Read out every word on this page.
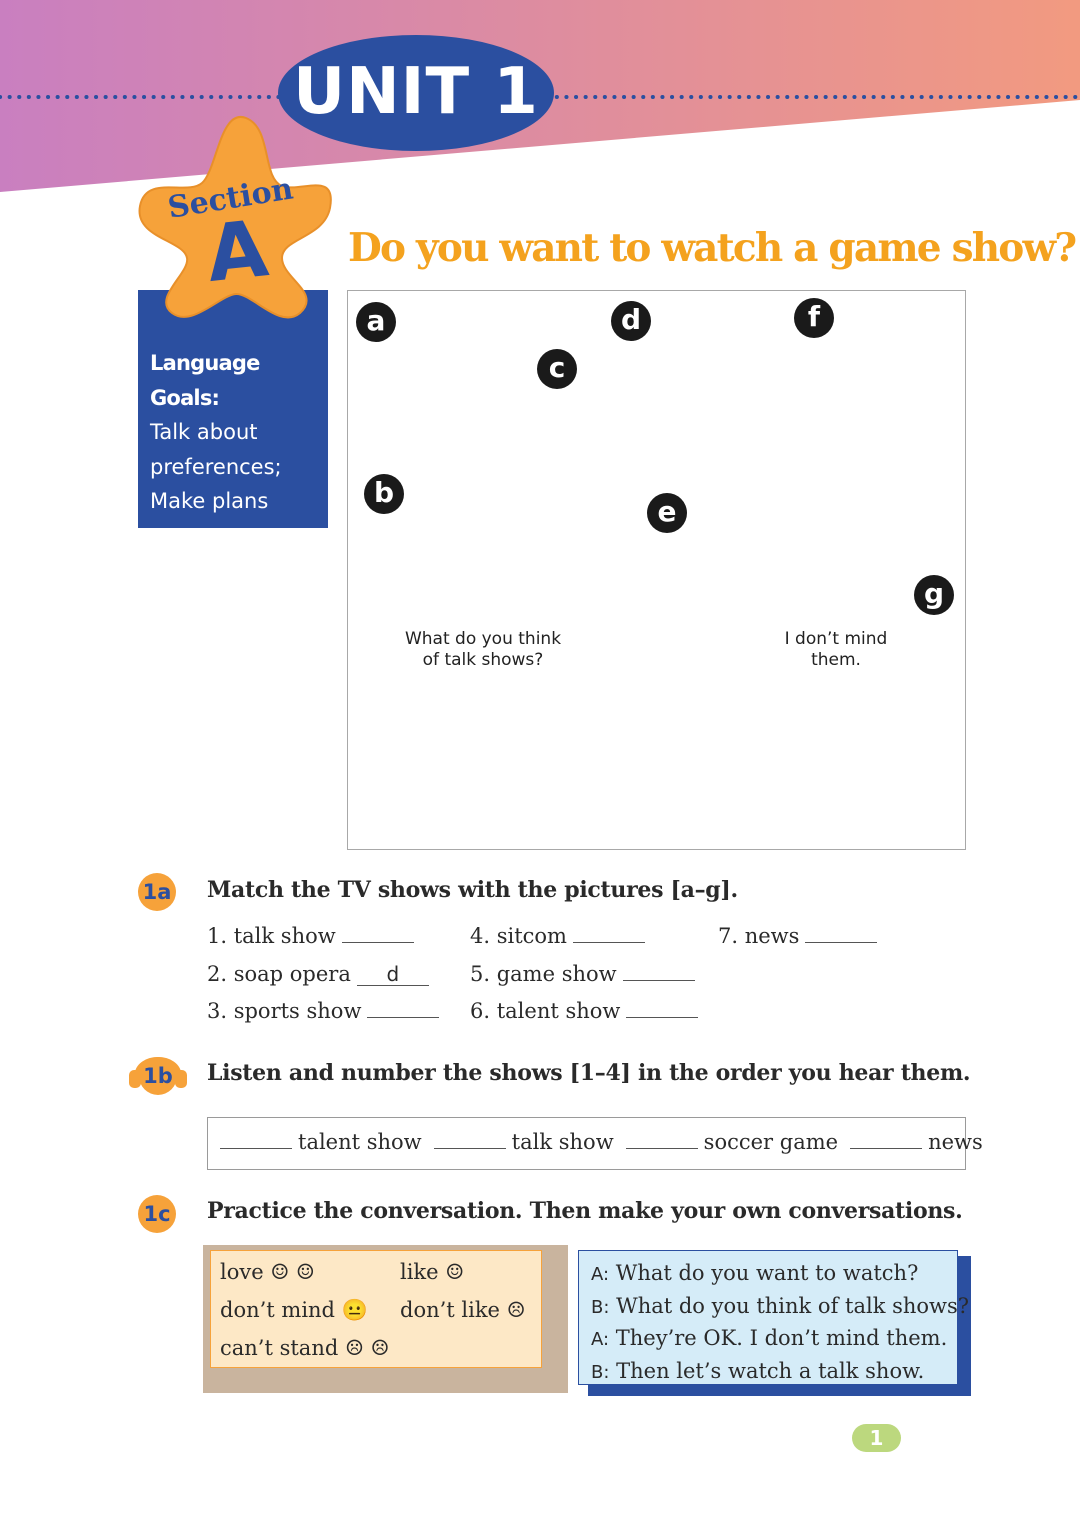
UNIT 1
Section
A
Language Goals:
Talk about
preferences;
Make plans
Do you want to watch a game show?
a
b
c
d
e
f
g
What do you think
of talk shows?
I don’t mind
them.
1a Match the TV shows with the pictures [a–g].
1. talk show
2. soap opera d
3. sports show
4. sitcom
5. game show
6. talent show
7. news
1b Listen and number the shows [1–4] in the order you hear them.
talent show	talk show	soccer game	news
1c Practice the conversation. Then make your own conversations.
love ☺ ☺	like ☺
don’t mind 😐 don’t like ☹
can’t stand ☹ ☹
A: What do you want to watch?
B: What do you think of talk shows?
A: They’re OK. I don’t mind them.
B: Then let’s watch a talk show.
1
